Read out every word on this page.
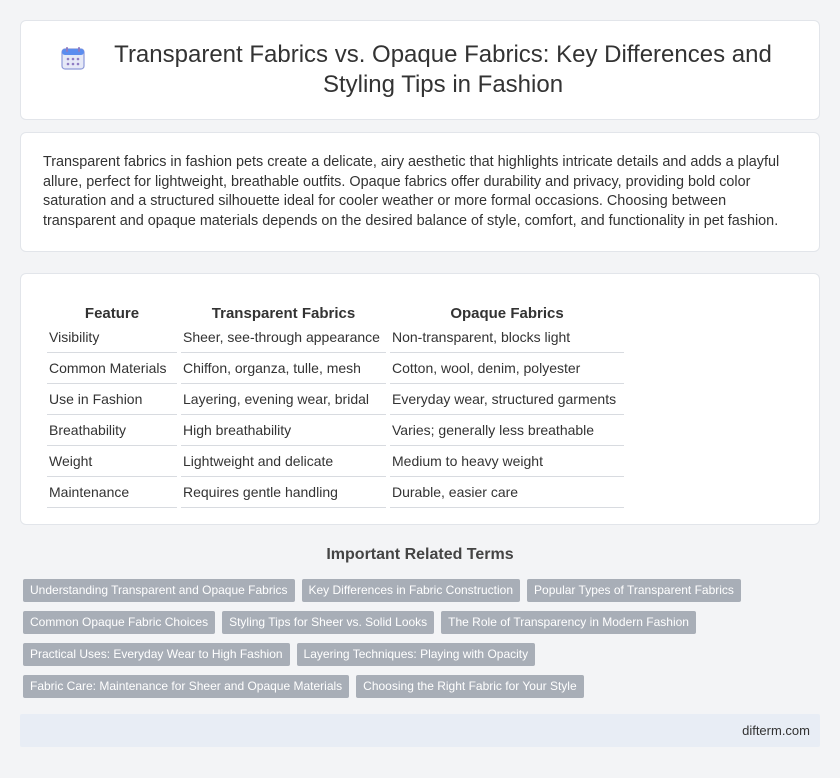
Transparent Fabrics vs. Opaque Fabrics: Key Differences and Styling Tips in Fashion

Transparent fabrics in fashion pets create a delicate, airy aesthetic that highlights intricate details and adds a playful allure, perfect for lightweight, breathable outfits. Opaque fabrics offer durability and privacy, providing bold color saturation and a structured silhouette ideal for cooler weather or more formal occasions. Choosing between transparent and opaque materials depends on the desired balance of style, comfort, and functionality in pet fashion.

Feature	Transparent Fabrics	Opaque Fabrics
Visibility	Sheer, see-through appearance	Non-transparent, blocks light
Common Materials	Chiffon, organza, tulle, mesh	Cotton, wool, denim, polyester
Use in Fashion	Layering, evening wear, bridal	Everyday wear, structured garments
Breathability	High breathability	Varies; generally less breathable
Weight	Lightweight and delicate	Medium to heavy weight
Maintenance	Requires gentle handling	Durable, easier care
Important Related Terms
Understanding Transparent and Opaque Fabrics	Key Differences in Fabric Construction	Popular Types of Transparent Fabrics
Common Opaque Fabric Choices	Styling Tips for Sheer vs. Solid Looks	The Role of Transparency in Modern Fashion
Practical Uses: Everyday Wear to High Fashion	Layering Techniques: Playing with Opacity
Fabric Care: Maintenance for Sheer and Opaque Materials	Choosing the Right Fabric for Your Style
difterm.com
